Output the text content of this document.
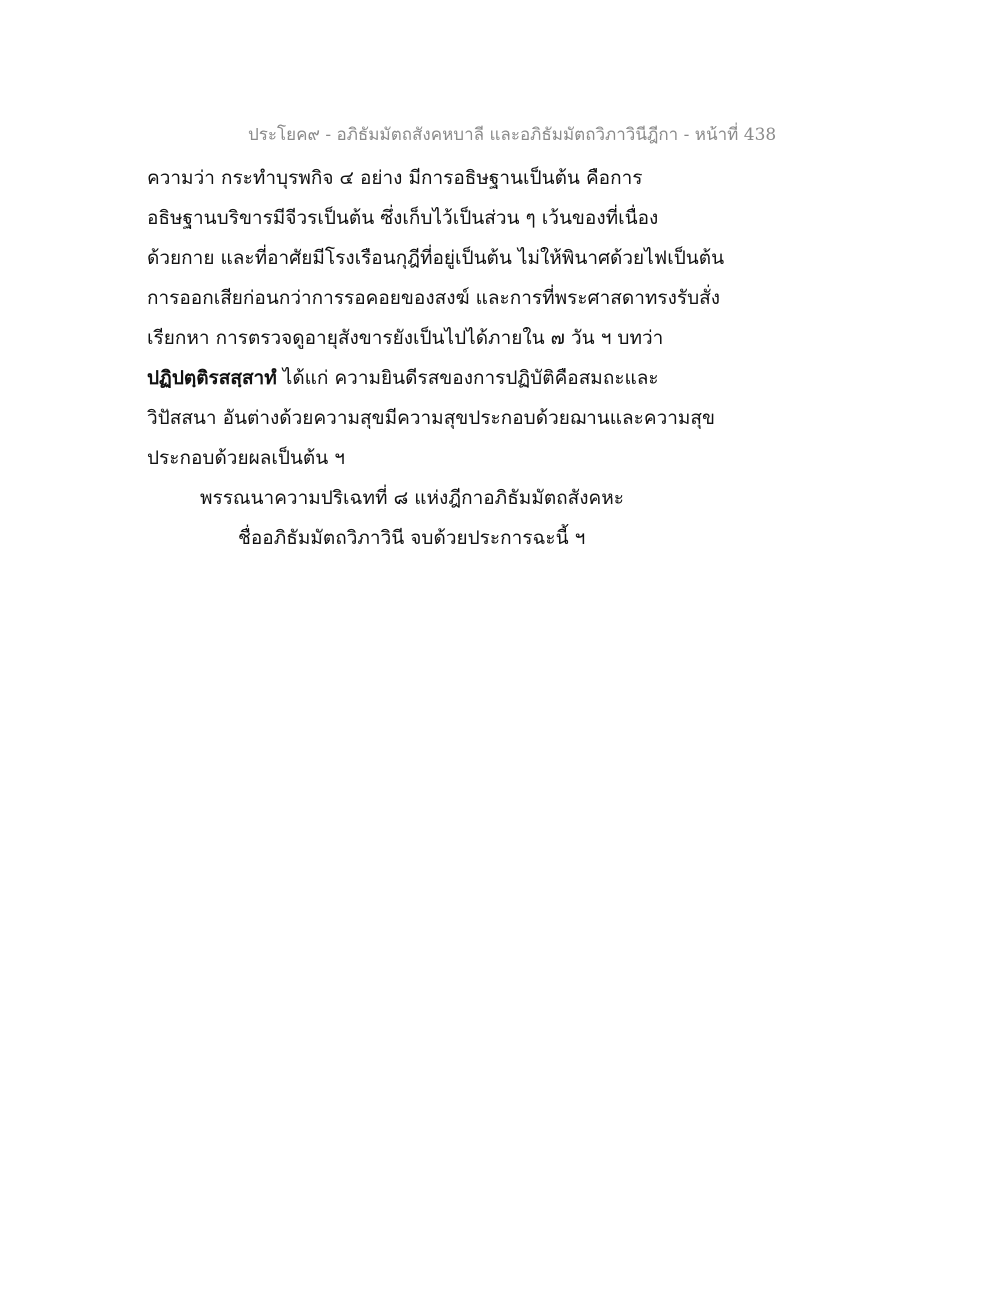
ประโยค๙ - อภิธัมมัตถสังคหบาลี และอภิธัมมัตถวิภาวินีฎีกา - หน้าที่ 438
ความว่า กระทำบุรพกิจ ๔ อย่าง มีการอธิษฐานเป็นต้น คือการ
อธิษฐานบริขารมีจีวรเป็นต้น ซึ่งเก็บไว้เป็นส่วน ๆ เว้นของที่เนื่อง
ด้วยกาย และที่อาศัยมีโรงเรือนกุฎีที่อยู่เป็นต้น ไม่ให้พินาศด้วยไฟเป็นต้น
การออกเสียก่อนกว่าการรอคอยของสงฆ์ และการที่พระศาสดาทรงรับสั่ง
เรียกหา การตรวจดูอายุสังขารยังเป็นไปได้ภายใน ๗ วัน ฯ บทว่า
ปฏิปตฺติรสสฺสาทํ ได้แก่ ความยินดีรสของการปฏิบัติคือสมถะและ
วิปัสสนา อันต่างด้วยความสุขมีความสุขประกอบด้วยฌานและความสุข
ประกอบด้วยผลเป็นต้น ฯ
พรรณนาความปริเฉทที่ ๘ แห่งฎีกาอภิธัมมัตถสังคหะ
ชื่ออภิธัมมัตถวิภาวินี จบด้วยประการฉะนี้ ฯ
